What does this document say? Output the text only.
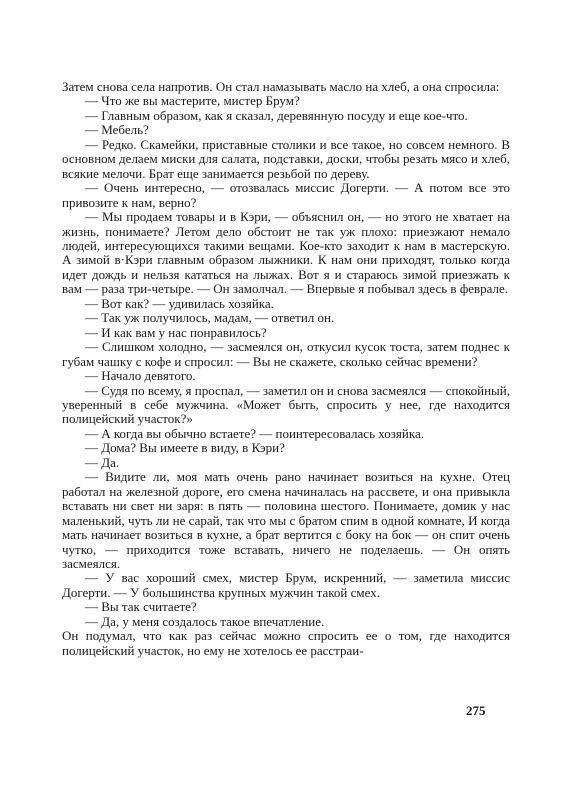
Затем снова села напротив. Он стал намазывать масло на хлеб, а она спросила:

— Что же вы мастерите, мистер Брум?

— Главным образом, как я сказал, деревянную посуду и еще кое-что.

— Мебель?

— Редко. Скамейки, приставные столики и все такое, но совсем немного. В основном делаем миски для салата, подставки, доски, чтобы резать мясо и хлеб, всякие мелочи. Брат еще занимается резьбой по дереву.

— Очень интересно, — отозвалась миссис Догерти. — А потом все это привозите к нам, верно?

— Мы продаем товары и в Кэри, — объяснил он, — но этого не хватает на жизнь, понимаете? Летом дело обстоит не так уж плохо: приезжают немало людей, интересующихся такими вещами. Кое-кто заходит к нам в мастерскую. А зимой в·Кэри главным образом лыжники. К нам они приходят, только когда идет дождь и нельзя кататься на лыжах. Вот я и стараюсь зимой приезжать к вам — раза три-четыре. — Он замолчал. — Впервые я побывал здесь в феврале.

— Вот как? — удивилась хозяйка.

— Так уж получилось, мадам, — ответил он.

— И как вам у нас понравилось?

— Слишком холодно, — засмеялся он, откусил кусок тоста, затем поднес к губам чашку с кофе и спросил: — Вы не скажете, сколько сейчас времени?

— Начало девятого.

— Судя по всему, я проспал, — заметил он и снова засмеялся — спокойный, уверенный в себе мужчина. «Может быть, спросить у нее, где находится полицейский участок?»

— А когда вы обычно встаете? — поинтересовалась хозяйка.

— Дома? Вы имеете в виду, в Кэри?

— Да.

— Видите ли, моя мать очень рано начинает возиться на кухне. Отец работал на железной дороге, его смена начиналась на рассвете, и она привыкла вставать ни свет ни заря: в пять — половина шестого. Понимаете, домик у нас маленький, чуть ли не сарай, так что мы с братом спим в одной комнате, И когда мать начинает возиться в кухне, а брат вертится с боку на бок — он спит очень чутко, — приходится тоже вставать, ничего не поделаешь. — Он опять засмеялся.

— У вас хороший смех, мистер Брум, искренний, — заметила миссис Догерти. — У большинства крупных мужчин такой смех.

— Вы так считаете?

— Да, у меня создалось такое впечатление.

Он подумал, что как раз сейчас можно спросить ее о том, где находится полицейский участок, но ему не хотелось ее расстраи-

275
